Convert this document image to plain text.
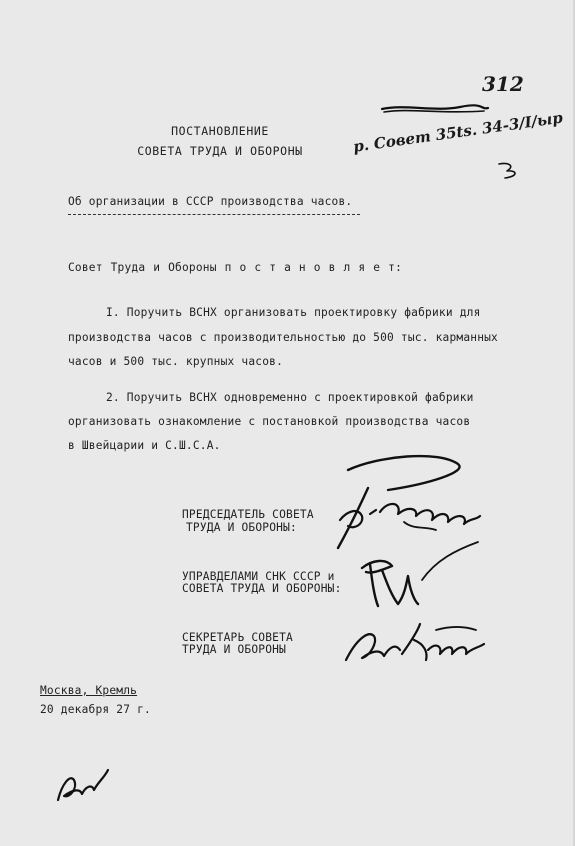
312
р. Совет 35ts. 34-3/I/ыр
ПОСТАНОВЛЕНИЕ
СОВЕТА ТРУДА И ОБОРОНЫ
Об организации в СССР производства часов.
Совет Труда и Обороны п о с т а н о в л я е т:
I. Поручить ВСНХ организовать проектировку фабрики для
производства часов с производительностью до 500 тыс. карманных
часов и 500 тыс. крупных часов.
2. Поручить ВСНХ одновременно с проектировкой фабрики
организовать ознакомление с постановкой производства часов
в Швейцарии и С.Ш.С.А.
ПРЕДСЕДАТЕЛЬ СОВЕТА
ТРУДА И ОБОРОНЫ:
УПРАВДЕЛАМИ СНК СССР и
СОВЕТА ТРУДА И ОБОРОНЫ:
СЕКРЕТАРЬ СОВЕТА
ТРУДА И ОБОРОНЫ
Москва, Кремль
20 декабря 27 г.
